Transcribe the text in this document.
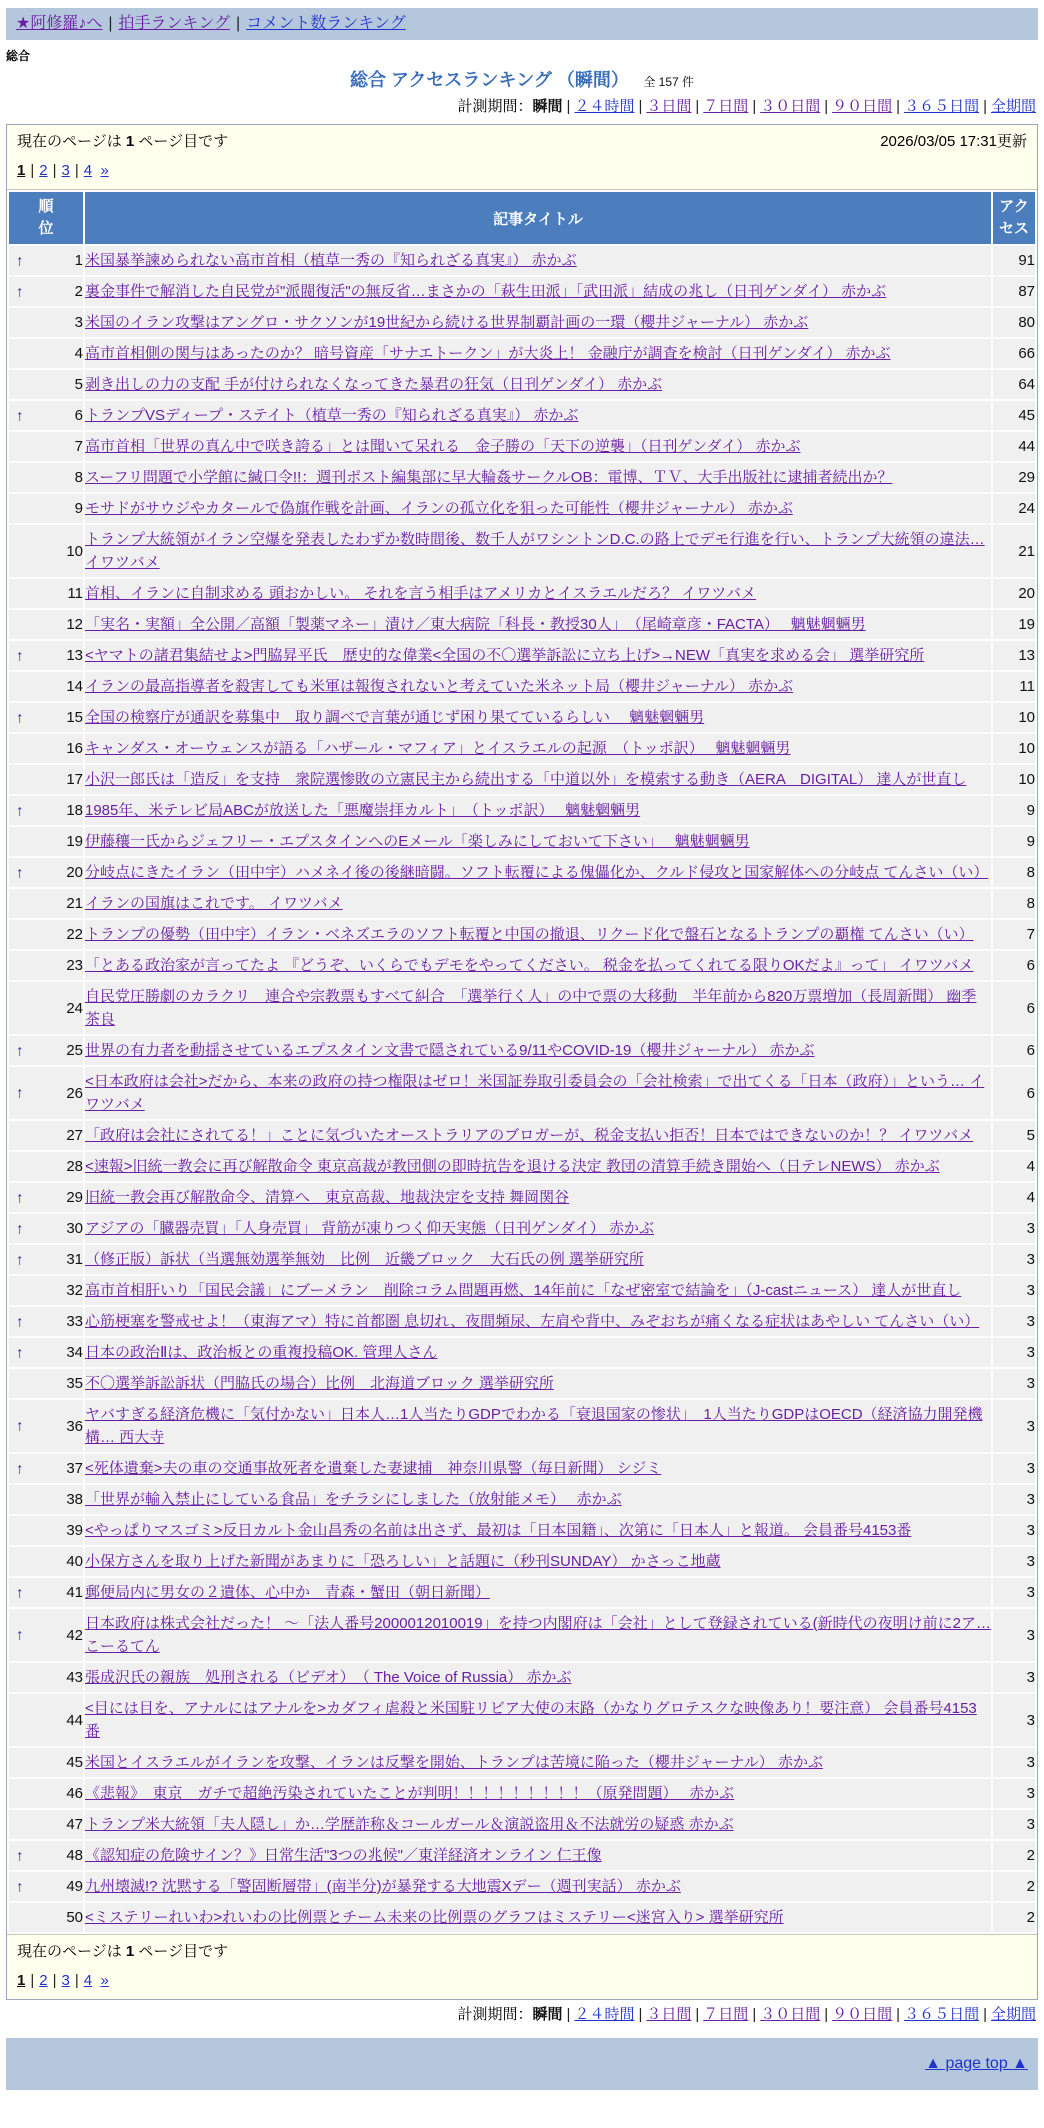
★阿修羅♪へ | 拍手ランキング | コメント数ランキング
総合
総合 アクセスランキング （瞬間） 全 157 件
計測期間：瞬間 | ２４時間 | ３日間 | ７日間 | ３０日間 | ９０日間 | ３６５日間 | 全期間
現在のページは 1 ページ目です	2026/03/05 17:31更新
1 | 2 | 3 | 4 »
順位	記事タイトル	アクセス

↑ 1	米国暴挙諫められない高市首相（植草一秀の『知られざる真実』） 赤かぶ	91

↑ 2	裏金事件で解消した自民党が"派閥復活"の無反省…まさかの「萩生田派」「武田派」結成の兆し（日刊ゲンダイ） 赤かぶ	87
3	米国のイラン攻撃はアングロ・サクソンが19世紀から続ける世界制覇計画の一環（櫻井ジャーナル） 赤かぶ	80
4	高市首相側の関与はあったのか？ 暗号資産「サナエトークン」が大炎上！ 金融庁が調査を検討（日刊ゲンダイ） 赤かぶ	66
5	剥き出しの力の支配 手が付けられなくなってきた暴君の狂気（日刊ゲンダイ） 赤かぶ	64

↑ 6	トランプVSディープ・ステイト（植草一秀の『知られざる真実』） 赤かぶ	45
7	高市首相「世界の真ん中で咲き誇る」とは聞いて呆れる　金子勝の「天下の逆襲」（日刊ゲンダイ） 赤かぶ	44
8	スーフリ問題で小学館に緘口令!!：週刊ポスト編集部に早大輪姦サークルOB：電博、ＴＶ、大手出版社に逮捕者続出か？	29
9	モサドがサウジやカタールで偽旗作戦を計画、イランの孤立化を狙った可能性（櫻井ジャーナル） 赤かぶ	24
10	トランプ大統領がイラン空爆を発表したわずか数時間後、数千人がワシントンD.C.の路上でデモ行進を行い、トランプ大統領の違法… イワツバメ	21
11	首相、イランに自制求める 頭おかしい。 それを言う相手はアメリカとイスラエルだろ？ イワツバメ	20
12	「実名・実額」全公開／高額「製薬マネー」漬け／東大病院「科長・教授30人」　（尾崎章彦・FACTA）　 魑魅魍魎男	19

↑ 13	<ヤマトの諸君集結せよ>門脇昇平氏　歴史的な偉業<全国の不〇選挙訴訟に立ち上げ>→NEW「真実を求める会」 選挙研究所	13
14	イランの最高指導者を殺害しても米軍は報復されないと考えていた米ネット局（櫻井ジャーナル） 赤かぶ	11

↑ 15	全国の検察庁が通訳を募集中　取り調べで言葉が通じず困り果てているらしい　 魑魅魍魎男	10
16	キャンダス・オーウェンスが語る「ハザール・マフィア」とイスラエルの起源　（トッポ訳）　 魑魅魍魎男	10
17	小沢一郎氏は「造反」を支持　衆院選惨敗の立憲民主から続出する「中道以外」を模索する動き（AERA　DIGITAL） 達人が世直し	10

↑ 18	1985年、米テレビ局ABCが放送した「悪魔崇拝カルト」　（トッポ訳）　 魑魅魍魎男	9
19	伊藤穰一氏からジェフリー・エプスタインへのEメール「楽しみにしておいて下さい」　 魑魅魍魎男	9

↑ 20	分岐点にきたイラン（田中宇）ハメネイ後の後継暗闘。ソフト転覆による傀儡化か、クルド侵攻と国家解体への分岐点 てんさい（い）	8
21	イランの国旗はこれです。 イワツバメ	8
22	トランプの優勢（田中宇）イラン・ベネズエラのソフト転覆と中国の撤退、リクード化で盤石となるトランプの覇権 てんさい（い）	7
23	「とある政治家が言ってたよ 『どうぞ、いくらでもデモをやってください。 税金を払ってくれてる限りOKだよ』って」 イワツバメ	6
24	自民党圧勝劇のカラクリ　連合や宗教票もすべて糾合　「選挙行く人」の中で票の大移動　半年前から820万票増加（長周新聞） 幽季 茶良	6

↑ 25	世界の有力者を動揺させているエプスタイン文書で隠されている9/11やCOVID-19（櫻井ジャーナル） 赤かぶ	6

↑ 26	<日本政府は会社>だから、本来の政府の持つ権限はゼロ！米国証券取引委員会の「会社検索」で出てくる「日本（政府）」という… イワツバメ	6
27	「政府は会社にされてる！」ことに気づいたオーストラリアのブロガーが、税金支払い拒否！日本ではできないのか！？ イワツバメ	5
28	<速報>旧統一教会に再び解散命令 東京高裁が教団側の即時抗告を退ける決定 教団の清算手続き開始へ（日テレNEWS） 赤かぶ	4

↑ 29	旧統一教会再び解散命令、清算へ　東京高裁、地裁決定を支持 舞岡関谷	4

↑ 30	アジアの「臓器売買」「人身売買」 背筋が凍りつく仰天実態（日刊ゲンダイ） 赤かぶ	3

↑ 31	（修正版）訴状（当選無効選挙無効　比例　近畿ブロック　大石氏の例 選挙研究所	3
32	高市首相肝いり「国民会議」にブーメラン　削除コラム問題再燃、14年前に「なぜ密室で結論を」（J-castニュース） 達人が世直し	3

↑ 33	心筋梗塞を警戒せよ！（東海アマ）特に首都圏 息切れ、夜間頻尿、左肩や背中、みぞおちが痛くなる症状はあやしい てんさい（い）	3

↑ 34	日本の政治Ⅱは、政治板との重複投稿OK. 管理人さん	3
35	不〇選挙訴訟訴状（門脇氏の場合）比例　北海道ブロック 選挙研究所	3

↑ 36	ヤバすぎる経済危機に「気付かない」日本人…1人当たりGDPでわかる「衰退国家の惨状」　1人当たりGDPはOECD（経済協力開発機構… 西大寺	3

↑ 37	<死体遺棄>夫の車の交通事故死者を遺棄した妻逮捕　神奈川県警（毎日新聞） シジミ	3
38	「世界が輸入禁止にしている食品」をチラシにしました（放射能メモ）　 赤かぶ	3
39	<やっぱりマスゴミ>反日カルト金山昌秀の名前は出さず、最初は「日本国籍」、次第に「日本人」と報道。 会員番号4153番	3
40	小保方さんを取り上げた新聞があまりに「恐ろしい」と話題に（秒刊SUNDAY） かさっこ地蔵	3

↑ 41	郵便局内に男女の２遺体、心中か　青森・蟹田（朝日新聞）	3

↑ 42	日本政府は株式会社だった！ ～「法人番号2000012010019」を持つ内閣府は「会社」として登録されている(新時代の夜明け前に2ア… こーるてん	3
43	張成沢氏の親族　処刑される（ビデオ）　（ The Voice of Russia） 赤かぶ	3
44	<目には目を、アナルにはアナルを>カダフィ虐殺と米国駐リビア大使の末路（かなりグロテスクな映像あり！要注意） 会員番号4153番	3
45	米国とイスラエルがイランを攻撃、イランは反撃を開始、トランプは苦境に陥った（櫻井ジャーナル） 赤かぶ	3
46	《悲報》　東京　ガチで超絶汚染されていたことが判明！！！！！！！！！（原発問題）　 赤かぶ	3
47	トランプ米大統領「夫人隠し」か…学歴詐称＆コールガール＆演説盗用＆不法就労の疑惑 赤かぶ	3

↑ 48	《認知症の危険サイン？》日常生活"3つの兆候"／東洋経済オンライン 仁王像	2

↑ 49	九州壊滅!? 沈黙する「警固断層帯」(南半分)が暴発する大地震Xデー（週刊実話） 赤かぶ	2
50	<ミステリーれいわ>れいわの比例票とチーム未来の比例票のグラフはミステリー<迷宮入り> 選挙研究所	2
現在のページは 1 ページ目です
1 | 2 | 3 | 4 »
計測期間：瞬間 | ２４時間 | ３日間 | ７日間 | ３０日間 | ９０日間 | ３６５日間 | 全期間
▲ page top ▲
